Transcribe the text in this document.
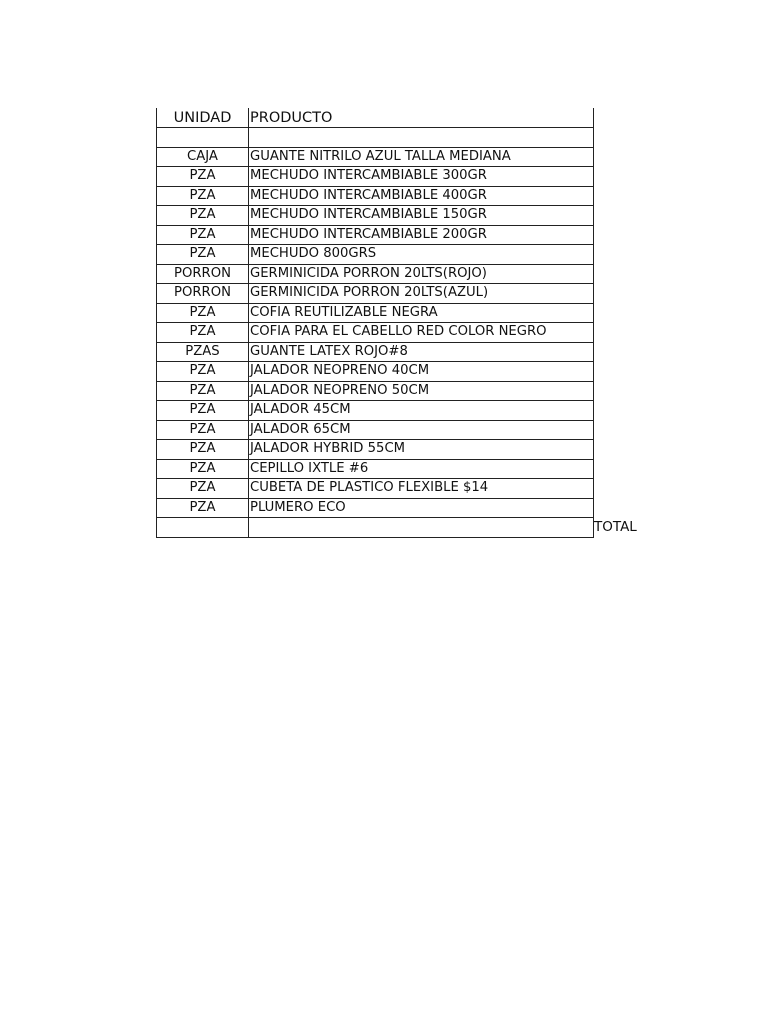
UNIDAD	PRODUCTO
CAJA	GUANTE NITRILO AZUL TALLA MEDIANA
PZA	MECHUDO INTERCAMBIABLE 300GR
PZA	MECHUDO INTERCAMBIABLE 400GR
PZA	MECHUDO INTERCAMBIABLE 150GR
PZA	MECHUDO INTERCAMBIABLE 200GR
PZA	MECHUDO 800GRS
PORRON	GERMINICIDA PORRON 20LTS(ROJO)
PORRON	GERMINICIDA PORRON 20LTS(AZUL)
PZA	COFIA REUTILIZABLE NEGRA
PZA	COFIA PARA EL CABELLO RED COLOR NEGRO
PZAS	GUANTE LATEX ROJO#8
PZA	JALADOR NEOPRENO 40CM
PZA	JALADOR NEOPRENO 50CM
PZA	JALADOR 45CM
PZA	JALADOR 65CM
PZA	JALADOR HYBRID 55CM
PZA	CEPILLO IXTLE #6
PZA	CUBETA DE PLASTICO FLEXIBLE $14
PZA	PLUMERO ECO
TOTAL
